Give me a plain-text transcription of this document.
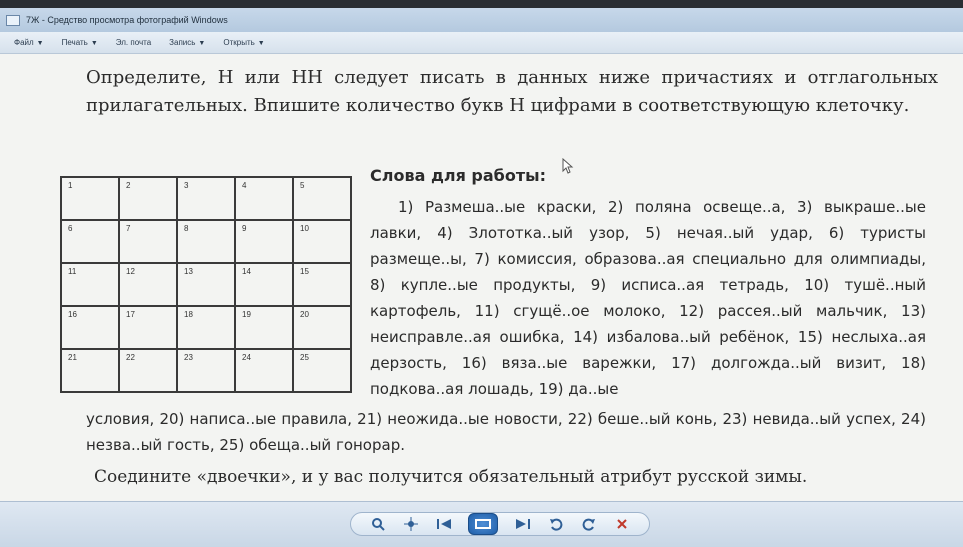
7Ж - Средство просмотра фотографий Windows
Файл ▼ Печать ▼ Эл. почта Запись ▼ Открыть ▼

Определите, Н или НН следует писать в данных ниже причастиях и отглагольных прилагательных. Впишите количество букв Н цифрами в соответствующую клеточку.

1	2	3	4	5
6	7	8	9	10
11	12	13	14	15
16	17	18	19	20
21	22	23	24	25
Слова для работы:

1) Размеша..ые краски, 2) поляна освеще..а, 3) выкраше..ые лавки, 4) Злототка..ый узор, 5) нечая..ый удар, 6) туристы размеще..ы, 7) комиссия, образова..ая специально для олимпиады, 8) купле..ые продукты, 9) исписа..ая тетрадь, 10) тушё..ный картофель, 11) сгущё..ое молоко, 12) рассея..ый мальчик, 13) неисправле..ая ошибка, 14) избалова..ый ребёнок, 15) неслыха..ая дерзость, 16) вяза..ые варежки, 17) долгожда..ый визит, 18) подкова..ая лошадь, 19) да..ые

условия, 20) написа..ые правила, 21) неожида..ые новости, 22) беше..ый конь, 23) невида..ый успех, 24) незва..ый гость, 25) обеща..ый гонорар.

Соедините «двоечки», и у вас получится обязательный атрибут русской зимы.
